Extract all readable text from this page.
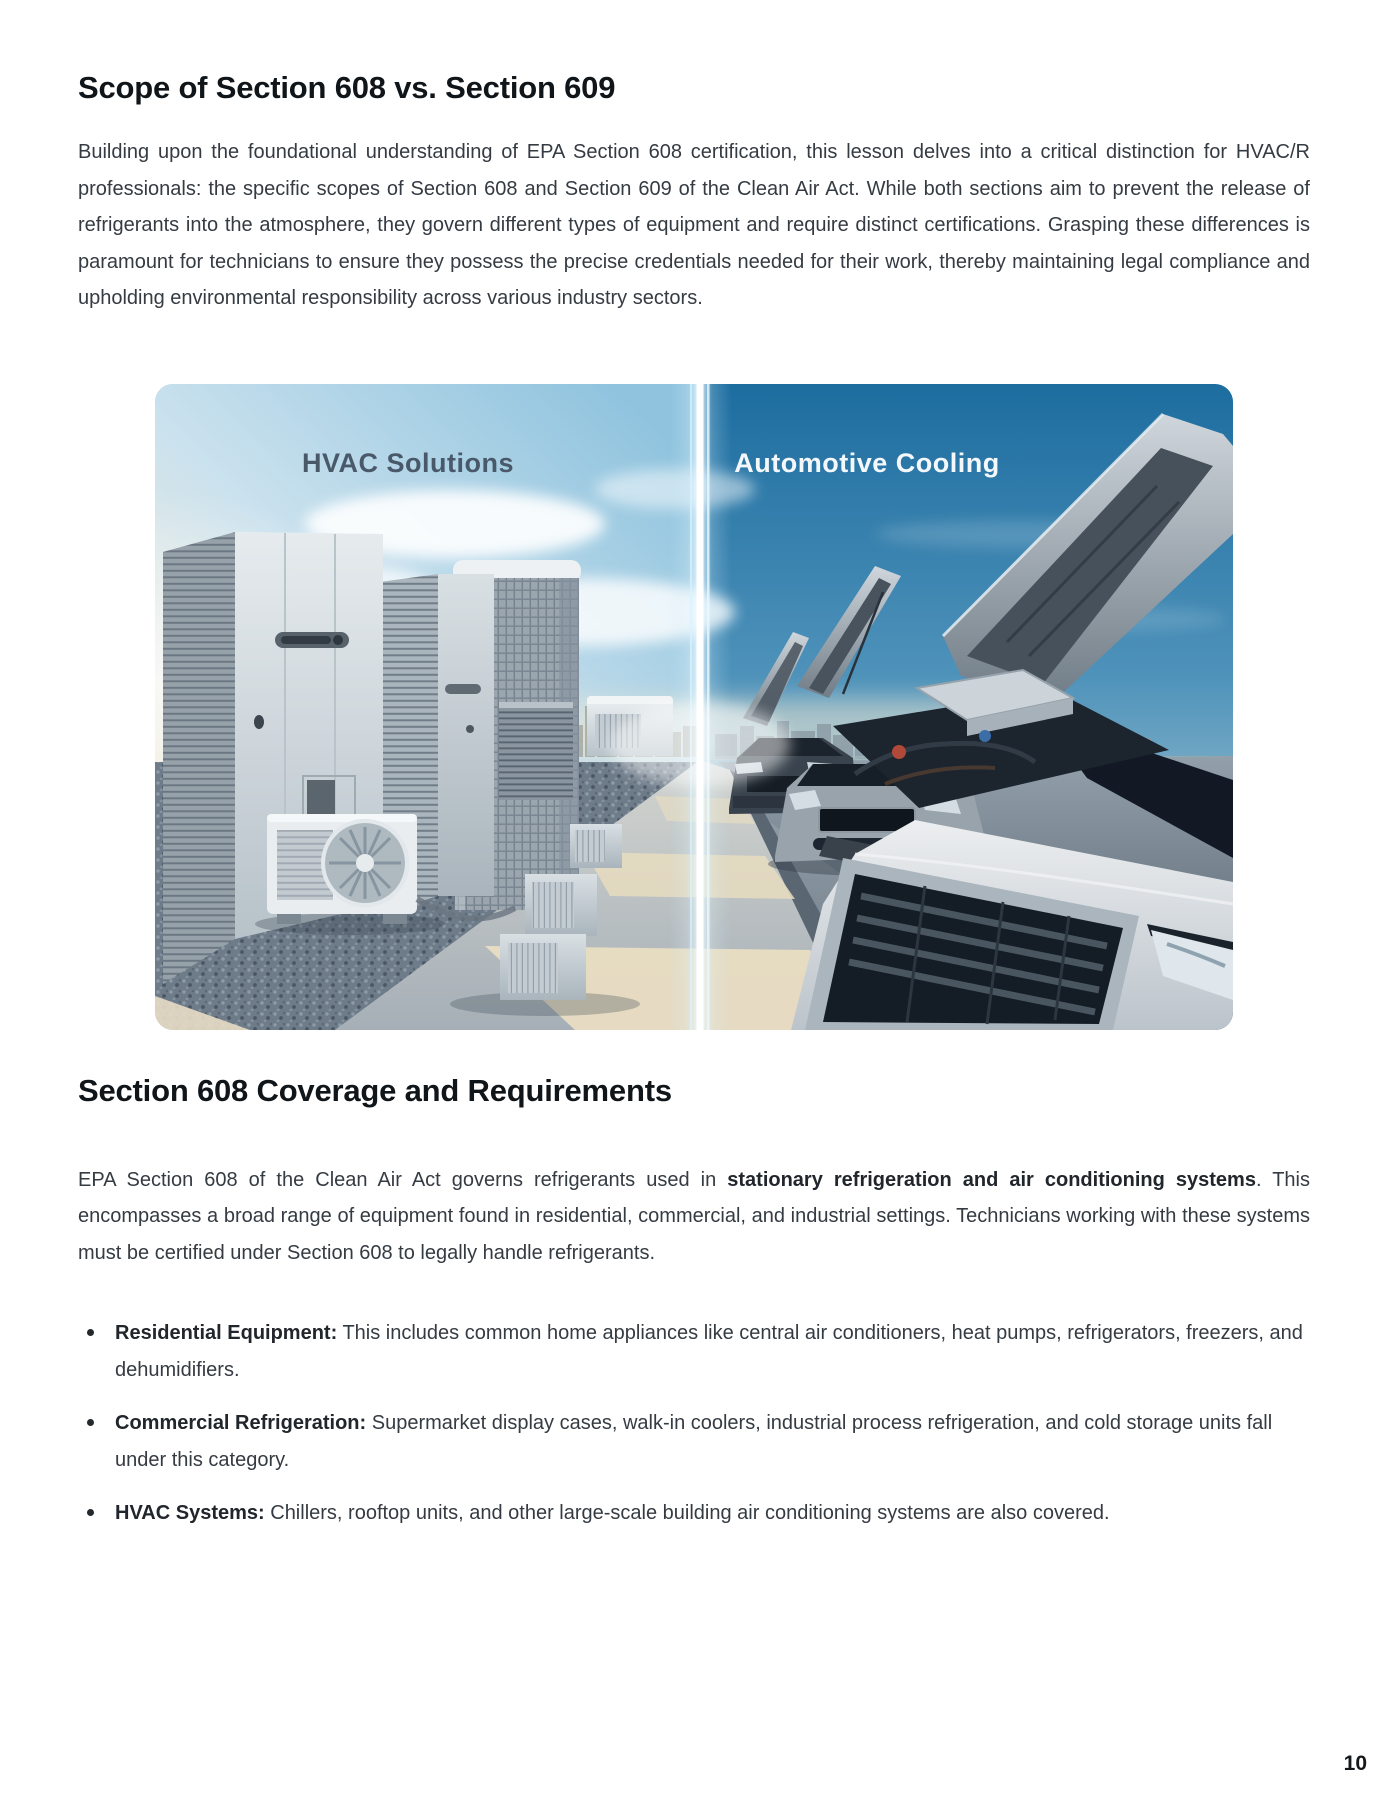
Scope of Section 608 vs. Section 609

Building upon the foundational understanding of EPA Section 608 certification, this lesson delves into a critical distinction for HVAC/R professionals: the specific scopes of Section 608 and Section 609 of the Clean Air Act. While both sections aim to prevent the release of refrigerants into the atmosphere, they govern different types of equipment and require distinct certifications. Grasping these differences is paramount for technicians to ensure they possess the precise credentials needed for their work, thereby maintaining legal compliance and upholding environmental responsibility across various industry sectors.

HVAC Solutions	Automotive Cooling
Section 608 Coverage and Requirements

EPA Section 608 of the Clean Air Act governs refrigerants used in stationary refrigeration and air conditioning systems. This encompasses a broad range of equipment found in residential, commercial, and industrial settings. Technicians working with these systems must be certified under Section 608 to legally handle refrigerants.

Residential Equipment: This includes common home appliances like central air conditioners, heat pumps, refrigerators, freezers, and dehumidifiers.
Commercial Refrigeration: Supermarket display cases, walk-in coolers, industrial process refrigeration, and cold storage units fall under this category.
HVAC Systems: Chillers, rooftop units, and other large-scale building air conditioning systems are also covered.
10
